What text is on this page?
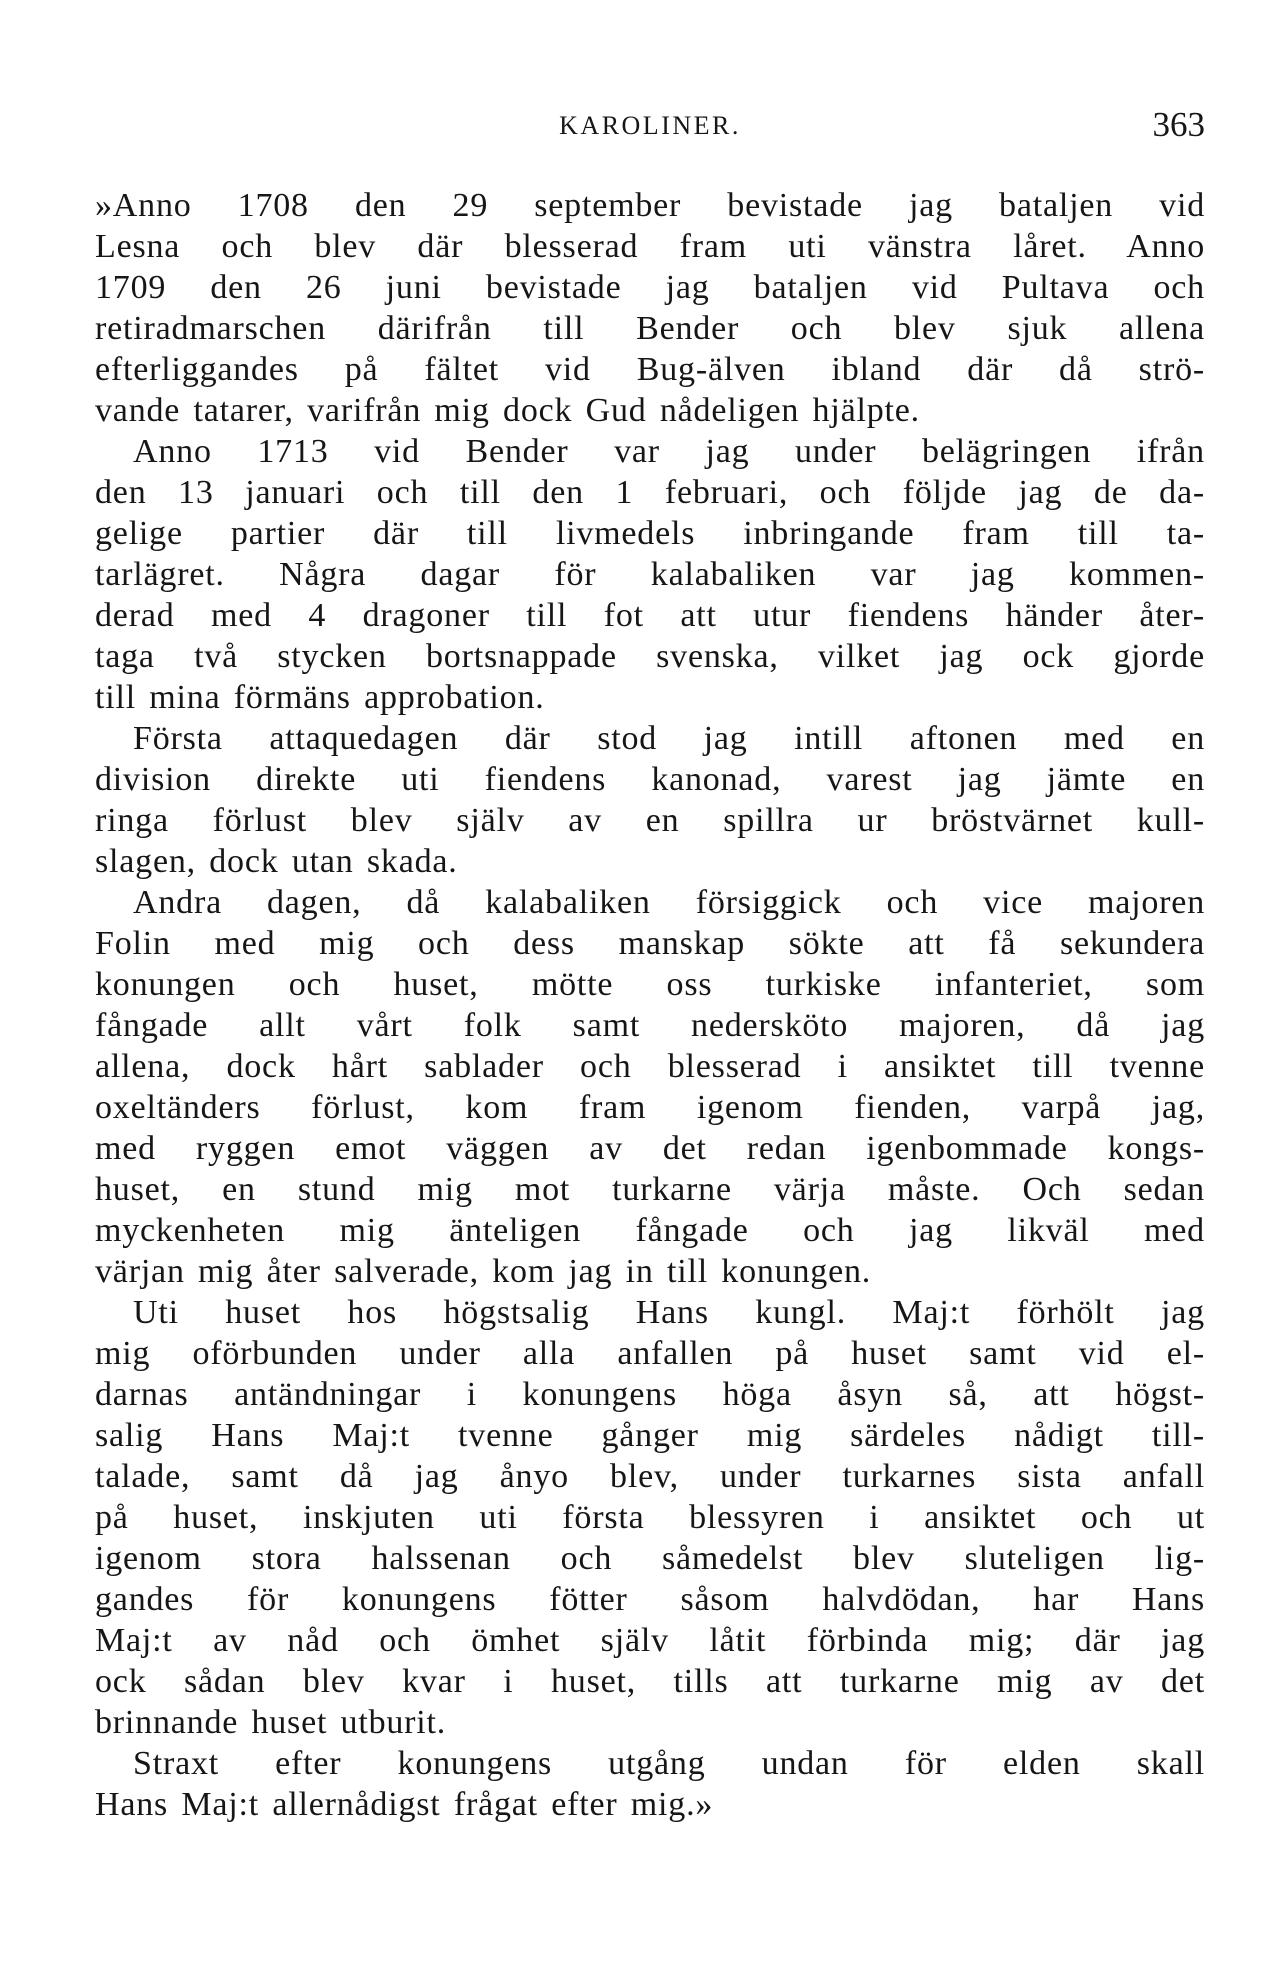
KAROLINER.	363
»Anno 1708 den 29 september bevistade jag bataljen vid
Lesna och blev där blesserad fram uti vänstra låret. Anno
1709 den 26 juni bevistade jag bataljen vid Pultava och
retiradmarschen därifrån till Bender och blev sjuk allena
efterliggandes på fältet vid Bug-älven ibland där då strö-
vande tatarer, varifrån mig dock Gud nådeligen hjälpte.
Anno 1713 vid Bender var jag under belägringen ifrån
den 13 januari och till den 1 februari, och följde jag de da-
gelige partier där till livmedels inbringande fram till ta-
tarlägret. Några dagar för kalabaliken var jag kommen-
derad med 4 dragoner till fot att utur fiendens händer åter-
taga två stycken bortsnappade svenska, vilket jag ock gjorde
till mina förmäns approbation.
Första attaquedagen där stod jag intill aftonen med en
division direkte uti fiendens kanonad, varest jag jämte en
ringa förlust blev själv av en spillra ur bröstvärnet kull-
slagen, dock utan skada.
Andra dagen, då kalabaliken försiggick och vice majoren
Folin med mig och dess manskap sökte att få sekundera
konungen och huset, mötte oss turkiske infanteriet, som
fångade allt vårt folk samt nedersköto majoren, då jag
allena, dock hårt sablader och blesserad i ansiktet till tvenne
oxeltänders förlust, kom fram igenom fienden, varpå jag,
med ryggen emot väggen av det redan igenbommade kongs-
huset, en stund mig mot turkarne värja måste. Och sedan
myckenheten mig änteligen fångade och jag likväl med
värjan mig åter salverade, kom jag in till konungen.
Uti huset hos högstsalig Hans kungl. Maj:t förhölt jag
mig oförbunden under alla anfallen på huset samt vid el-
darnas antändningar i konungens höga åsyn så, att högst-
salig Hans Maj:t tvenne gånger mig särdeles nådigt till-
talade, samt då jag ånyo blev, under turkarnes sista anfall
på huset, inskjuten uti första blessyren i ansiktet och ut
igenom stora halssenan och såmedelst blev sluteligen lig-
gandes för konungens fötter såsom halvdödan, har Hans
Maj:t av nåd och ömhet själv låtit förbinda mig; där jag
ock sådan blev kvar i huset, tills att turkarne mig av det
brinnande huset utburit.
Straxt efter konungens utgång undan för elden skall
Hans Maj:t allernådigst frågat efter mig.»
